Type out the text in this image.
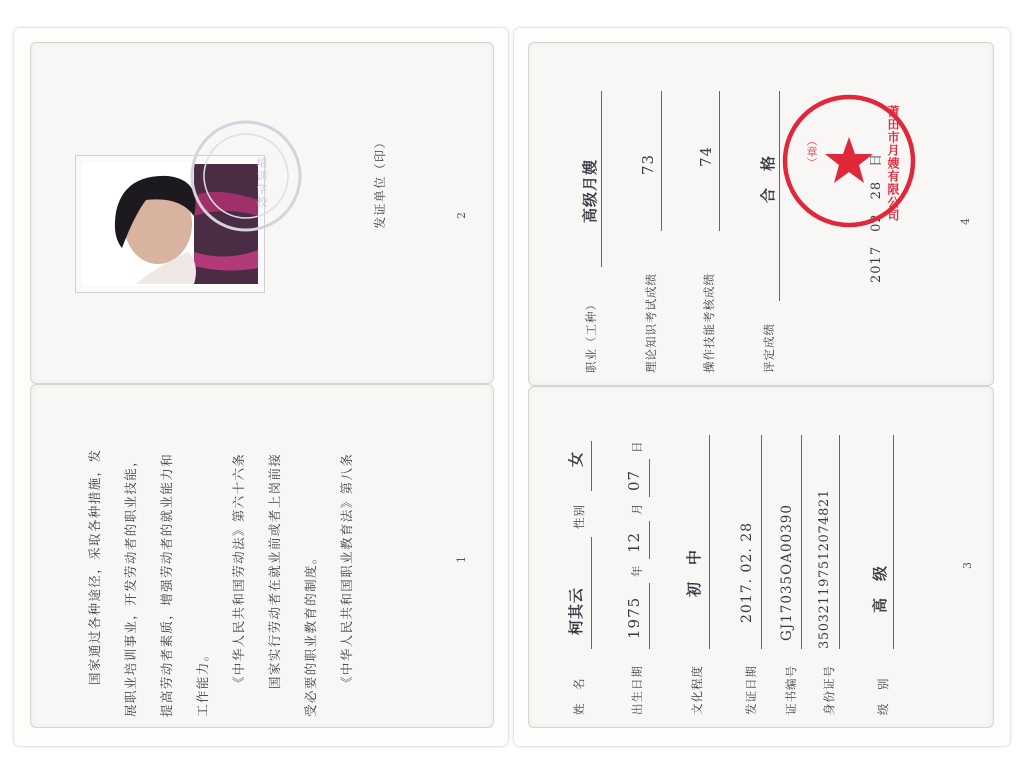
培训学校	发证单位（印）	2
国家通过各种途径，采取各种措施，发 展职业培训事业，开发劳动者的职业技能， 提高劳动者素质，增强劳动者的就业能力和 工作能力。 《中华人民共和国劳动法》第六十六条 国家实行劳动者在就业前或者上岗前接 受必要的职业教育的制度。 《中华人民共和国职业教育法》第八条	1
职业（工种）
高级月嫂
理论知识考试成绩
73
操作技能考核成绩
74
评定成绩
合　格	2017　02　28　日	4
莆田市月嫂有限公司
（章）
姓　名
柯其云
性别
女
出生日期
1975
年
12
月
07
日
文化程度
初　中
发证日期
2017. 02. 28
证书编号
GJ17035OA00390
身份证号
350321197512074821
级　别
高　级	3
